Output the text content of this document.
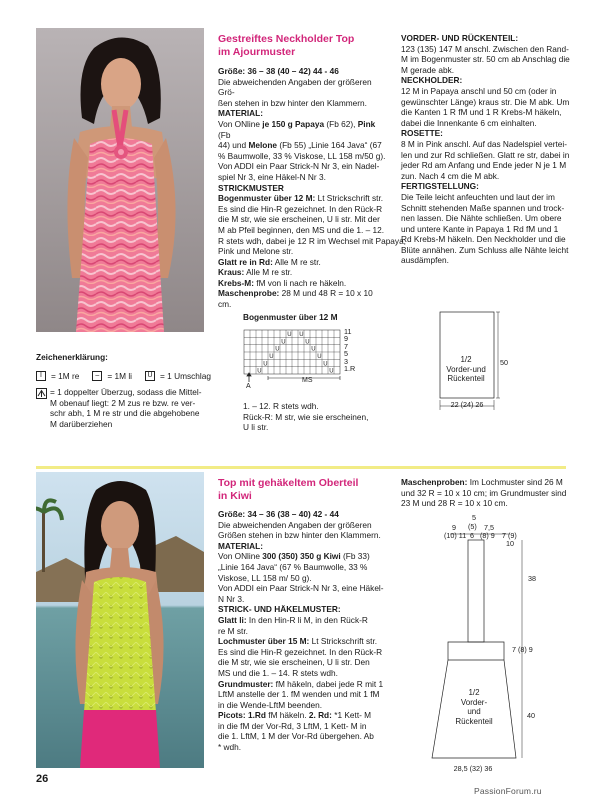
Gestreiftes Neckholder Top
im Ajourmuster

Größe: 36 – 38 (40 – 42) 44 - 46

Die abweichenden Angaben der größeren Grö-

ßen stehen in bzw hinter den Klammern.

MATERIAL:

Von ONline je 150 g Papaya (Fb 62), Pink (Fb

44) und Melone (Fb 55) „Linie 164 Java“ (67

% Baumwolle, 33 % Viskose, LL 158 m/50 g).

Von ADDI ein Paar Strick-N Nr 3, ein Nadel-

spiel Nr 3, eine Häkel-N Nr 3.

STRICKMUSTER

Bogenmuster über 12 M: Lt Strickschrift str.

Es sind die Hin-R gezeichnet. In den Rück-R

die M str, wie sie erscheinen, U li str. Mit der

M ab Pfeil beginnen, den MS und die 1. – 12.

R stets wdh, dabei je 12 R im Wechsel mit Papaya,

Pink und Melone str.

Glatt re in Rd: Alle M re str.

Kraus: Alle M re str.

Krebs-M: fM von li nach re häkeln.

Maschenprobe: 28 M und 48 R = 10 x 10 cm.

VORDER- UND RÜCKENTEIL:

123 (135) 147 M anschl. Zwischen den Rand-

M im Bogenmuster str. 50 cm ab Anschlag die

M gerade abk.

NECKHOLDER:

12 M in Papaya anschl und 50 cm (oder in

gewünschter Länge) kraus str. Die M abk. Um

die Kanten 1 R fM und 1 R Krebs-M häkeln,

dabei die Innenkante 6 cm einhalten.

ROSETTE:

8 M in Pink anschl. Auf das Nadelspiel vertei-

len und zur Rd schließen. Glatt re str, dabei in

jeder Rd am Anfang und Ende jeder N je 1 M

zun. Nach 4 cm die M abk.

FERTIGSTELLUNG:

Die Teile leicht anfeuchten und laut der im

Schnitt stehenden Maße spannen und trock-

nen lassen. Die Nähte schließen. Um obere

und untere Kante in Papaya 1 Rd fM und 1

Rd Krebs-M häkeln. Den Neckholder und die

Blüte annähen. Zum Schluss alle Nähte leicht

ausdämpfen.

Zeichenerklärung:

I	= 1M re	– = 1M li	U = 1 Umschlag

= 1 doppelter Überzug, sodass die Mittel-

M obenauf liegt: 2 M zus re bzw. re ver-

schr abh, 1 M re str und die abgehobene

M darüberziehen

Bogenmuster über 12 M
U U
U	U
U	U
U	U
U	U
U	U
MS
A
11
9
7
5
3
1.R

1. – 12. R stets wdh.

Rück-R: M str, wie sie erscheinen,

U li str.

1/2

Vorder-und

Rückenteil

50
22 (24) 26

Top mit gehäkeltem Oberteil
in Kiwi

Größe: 34 – 36 (38 – 40) 42 - 44

Die abweichenden Angaben der größeren

Größen stehen in bzw hinter den Klammern.

MATERIAL:

Von ONline 300 (350) 350 g Kiwi (Fb 33)

„Linie 164 Java“ (67 % Baumwolle, 33 %

Viskose, LL 158 m/ 50 g).

Von ADDI ein Paar Strick-N Nr 3, eine Häkel-

N Nr 3.

STRICK- UND HÄKELMUSTER:

Glatt li: In den Hin-R li M, in den Rück-R

re M str.

Lochmuster über 15 M: Lt Strickschrift str.

Es sind die Hin-R gezeichnet. In den Rück-R

die M str, wie sie erscheinen, U li str. Den

MS und die 1. – 14. R stets wdh.

Grundmuster: fM häkeln, dabei jede R mit 1

LftM anstelle der 1. fM wenden und mit 1 fM

in die Wende-LftM beenden.

Picots: 1.Rd fM häkeln. 2. Rd: *1 Kett- M

in die fM der Vor-Rd, 3 LftM, 1 Kett- M in

die 1. LftM, 1 M der Vor-Rd übergehen. Ab

* wdh.

Maschenproben: Im Lochmuster sind 26 M

und 32 R = 10 x 10 cm; im Grundmuster sind

23 M und 28 R = 10 x 10 cm.

9
5
(5) 7,5
(10) 11 6 (8) 9 7 (9)
10
38
7 (8) 9
40

1/2

Vorder-

und

Rückenteil

28,5 (32) 36
26
PassionForum.ru
